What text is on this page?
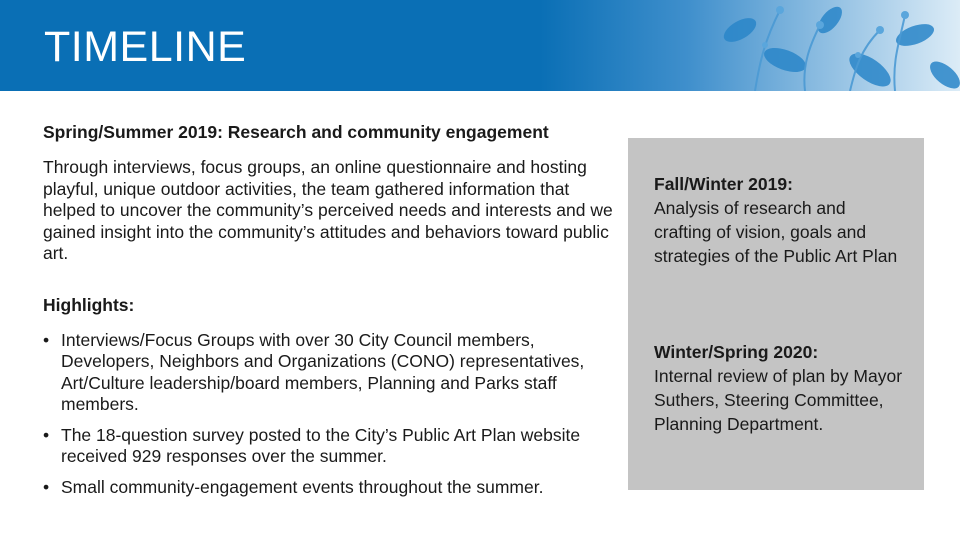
TIMELINE

Spring/Summer 2019: Research and community engagement

Through interviews, focus groups, an online questionnaire and hosting playful, unique outdoor activities, the team gathered information that helped to uncover the community’s perceived needs and interests and we gained insight into the community’s attitudes and behaviors toward public art.

Highlights:

• Interviews/Focus Groups with over 30 City Council members, Developers, Neighbors and Organizations (CONO) representatives, Art/Culture leadership/board members, Planning and Parks staff members.
• The 18-question survey posted to the City’s Public Art Plan website received 929 responses over the summer.
• Small community-engagement events throughout the summer.
Fall/Winter 2019:
Analysis of research and crafting of vision, goals and strategies of the Public Art Plan
Winter/Spring 2020:
Internal review of plan by Mayor Suthers, Steering Committee, Planning Department.
